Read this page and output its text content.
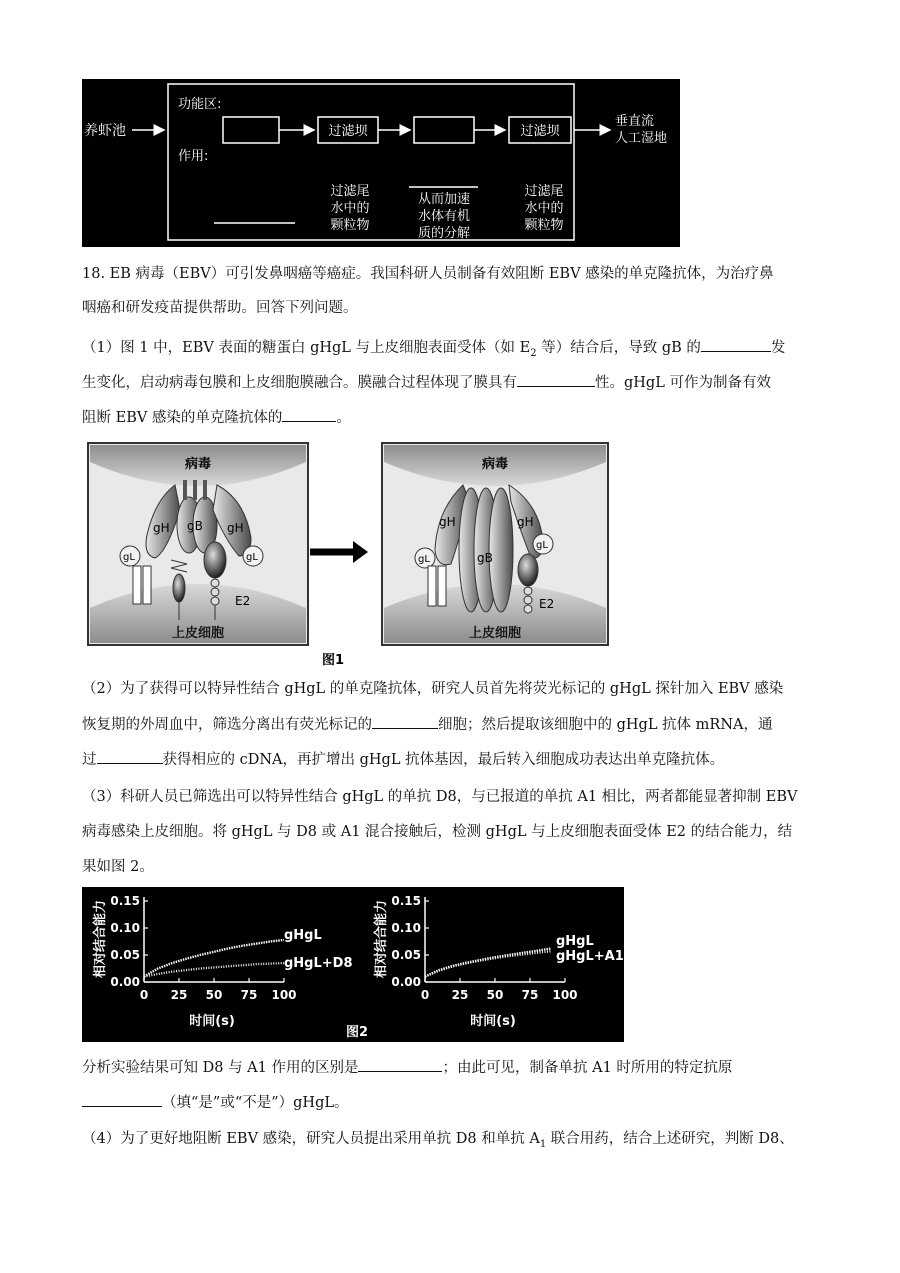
养虾池
功能区:
作用:
过滤坝	过滤坝
垂直流
人工湿地
过滤尾
水中的
颗粒物
从而加速
水体有机
质的分解
过滤尾
水中的
颗粒物
18. EB 病毒（EBV）可引发鼻咽癌等癌症。我国科研人员制备有效阻断 EBV 感染的单克隆抗体，为治疗鼻
咽癌和研发疫苗提供帮助。回答下列问题。
（1）图 1 中，EBV 表面的糖蛋白 gHgL 与上皮细胞表面受体（如 $E_2$ 等）结合后，导致 gB 的	发
生变化，启动病毒包膜和上皮细胞膜融合。膜融合过程体现了膜具有	性。gHgL 可作为制备有效
阻断 EBV 感染的单克隆抗体的	。
病毒
上皮细胞
gH
gL
gB gH
gL
E2
病毒
上皮细胞
gH
gL	gB
gH
gL
E2
图1
（2）为了获得可以特异性结合 gHgL 的单克隆抗体，研究人员首先将荧光标记的 gHgL 探针加入 EBV 感染
恢复期的外周血中，筛选分离出有荧光标记的	细胞；然后提取该细胞中的 gHgL 抗体 mRNA，通
过	获得相应的 cDNA，再扩增出 gHgL 抗体基因，最后转入细胞成功表达出单克隆抗体。
（3）科研人员已筛选出可以特异性结合 gHgL 的单抗 D8，与已报道的单抗 A1 相比，两者都能显著抑制 EBV
病毒感染上皮细胞。将 gHgL 与 D8 或 A1 混合接触后，检测 gHgL 与上皮细胞表面受体 E2 的结合能力，结
果如图 2。
相对结合能力
时间(s)
gHgL
gHgL+D8
0.15
0.10
0.05
0.00
0 25 50 75 100
相对结合能力
时间(s)
gHgL
gHgL+A1
0.15
0.10
0.05
0.00
0 25 50 75 100
图2
分析实验结果可知 D8 与 A1 作用的区别是	；由此可见，制备单抗 A1 时所用的特定抗原
（填“是”或“不是”）gHgL。
（4）为了更好地阻断 EBV 感染，研究人员提出采用单抗 D8 和单抗 $A_1$ 联合用药，结合上述研究，判断 D8、
